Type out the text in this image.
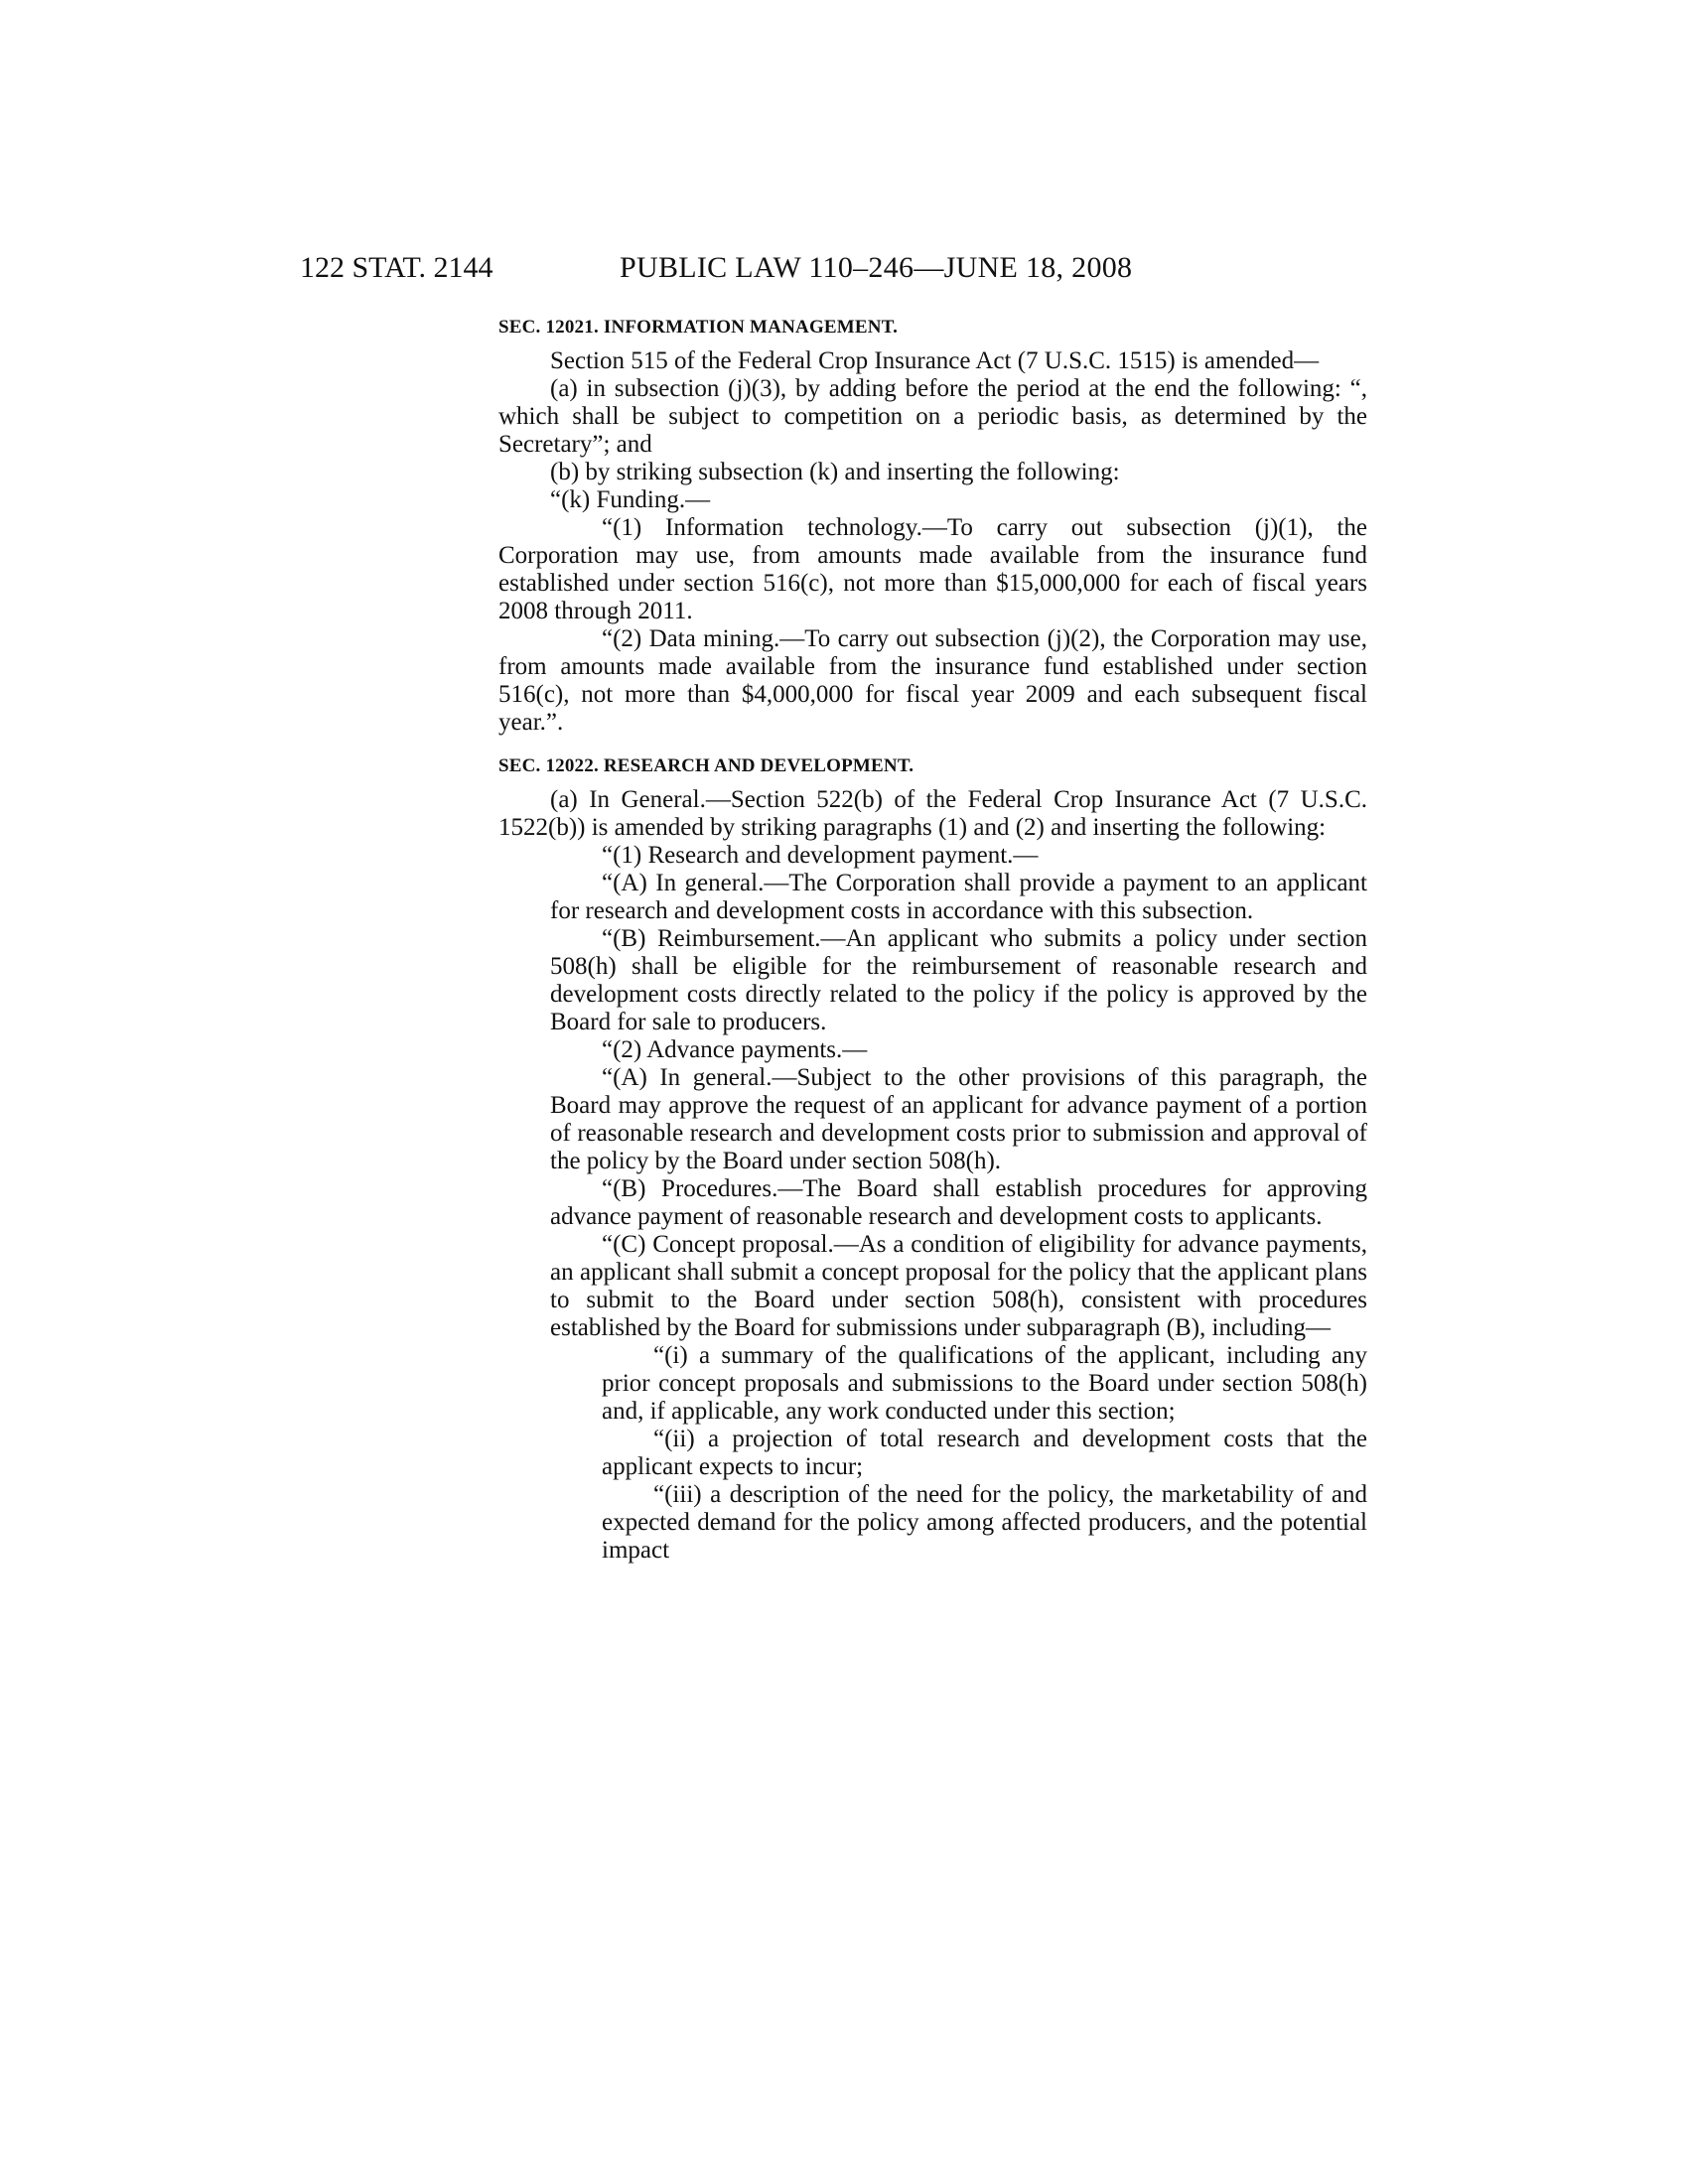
122 STAT. 2144	PUBLIC LAW 110–246—JUNE 18, 2008
SEC. 12021. INFORMATION MANAGEMENT.

Section 515 of the Federal Crop Insurance Act (7 U.S.C. 1515) is amended—

(a) in subsection (j)(3), by adding before the period at the end the following: “, which shall be subject to competition on a periodic basis, as determined by the Secretary”; and

(b) by striking subsection (k) and inserting the following:

“(k) Funding.—

“(1) Information technology.—To carry out subsection (j)(1), the Corporation may use, from amounts made available from the insurance fund established under section 516(c), not more than $15,000,000 for each of fiscal years 2008 through 2011.

“(2) Data mining.—To carry out subsection (j)(2), the Corporation may use, from amounts made available from the insurance fund established under section 516(c), not more than $4,000,000 for fiscal year 2009 and each subsequent fiscal year.”.

SEC. 12022. RESEARCH AND DEVELOPMENT.

(a) In General.—Section 522(b) of the Federal Crop Insurance Act (7 U.S.C. 1522(b)) is amended by striking paragraphs (1) and (2) and inserting the following:

“(1) Research and development payment.—

“(A) In general.—The Corporation shall provide a payment to an applicant for research and development costs in accordance with this subsection.

“(B) Reimbursement.—An applicant who submits a policy under section 508(h) shall be eligible for the reimbursement of reasonable research and development costs directly related to the policy if the policy is approved by the Board for sale to producers.

“(2) Advance payments.—

“(A) In general.—Subject to the other provisions of this paragraph, the Board may approve the request of an applicant for advance payment of a portion of reasonable research and development costs prior to submission and approval of the policy by the Board under section 508(h).

“(B) Procedures.—The Board shall establish procedures for approving advance payment of reasonable research and development costs to applicants.

“(C) Concept proposal.—As a condition of eligibility for advance payments, an applicant shall submit a concept proposal for the policy that the applicant plans to submit to the Board under section 508(h), consistent with procedures established by the Board for submissions under subparagraph (B), including—

“(i) a summary of the qualifications of the applicant, including any prior concept proposals and submissions to the Board under section 508(h) and, if applicable, any work conducted under this section;

“(ii) a projection of total research and development costs that the applicant expects to incur;

“(iii) a description of the need for the policy, the marketability of and expected demand for the policy among affected producers, and the potential impact
